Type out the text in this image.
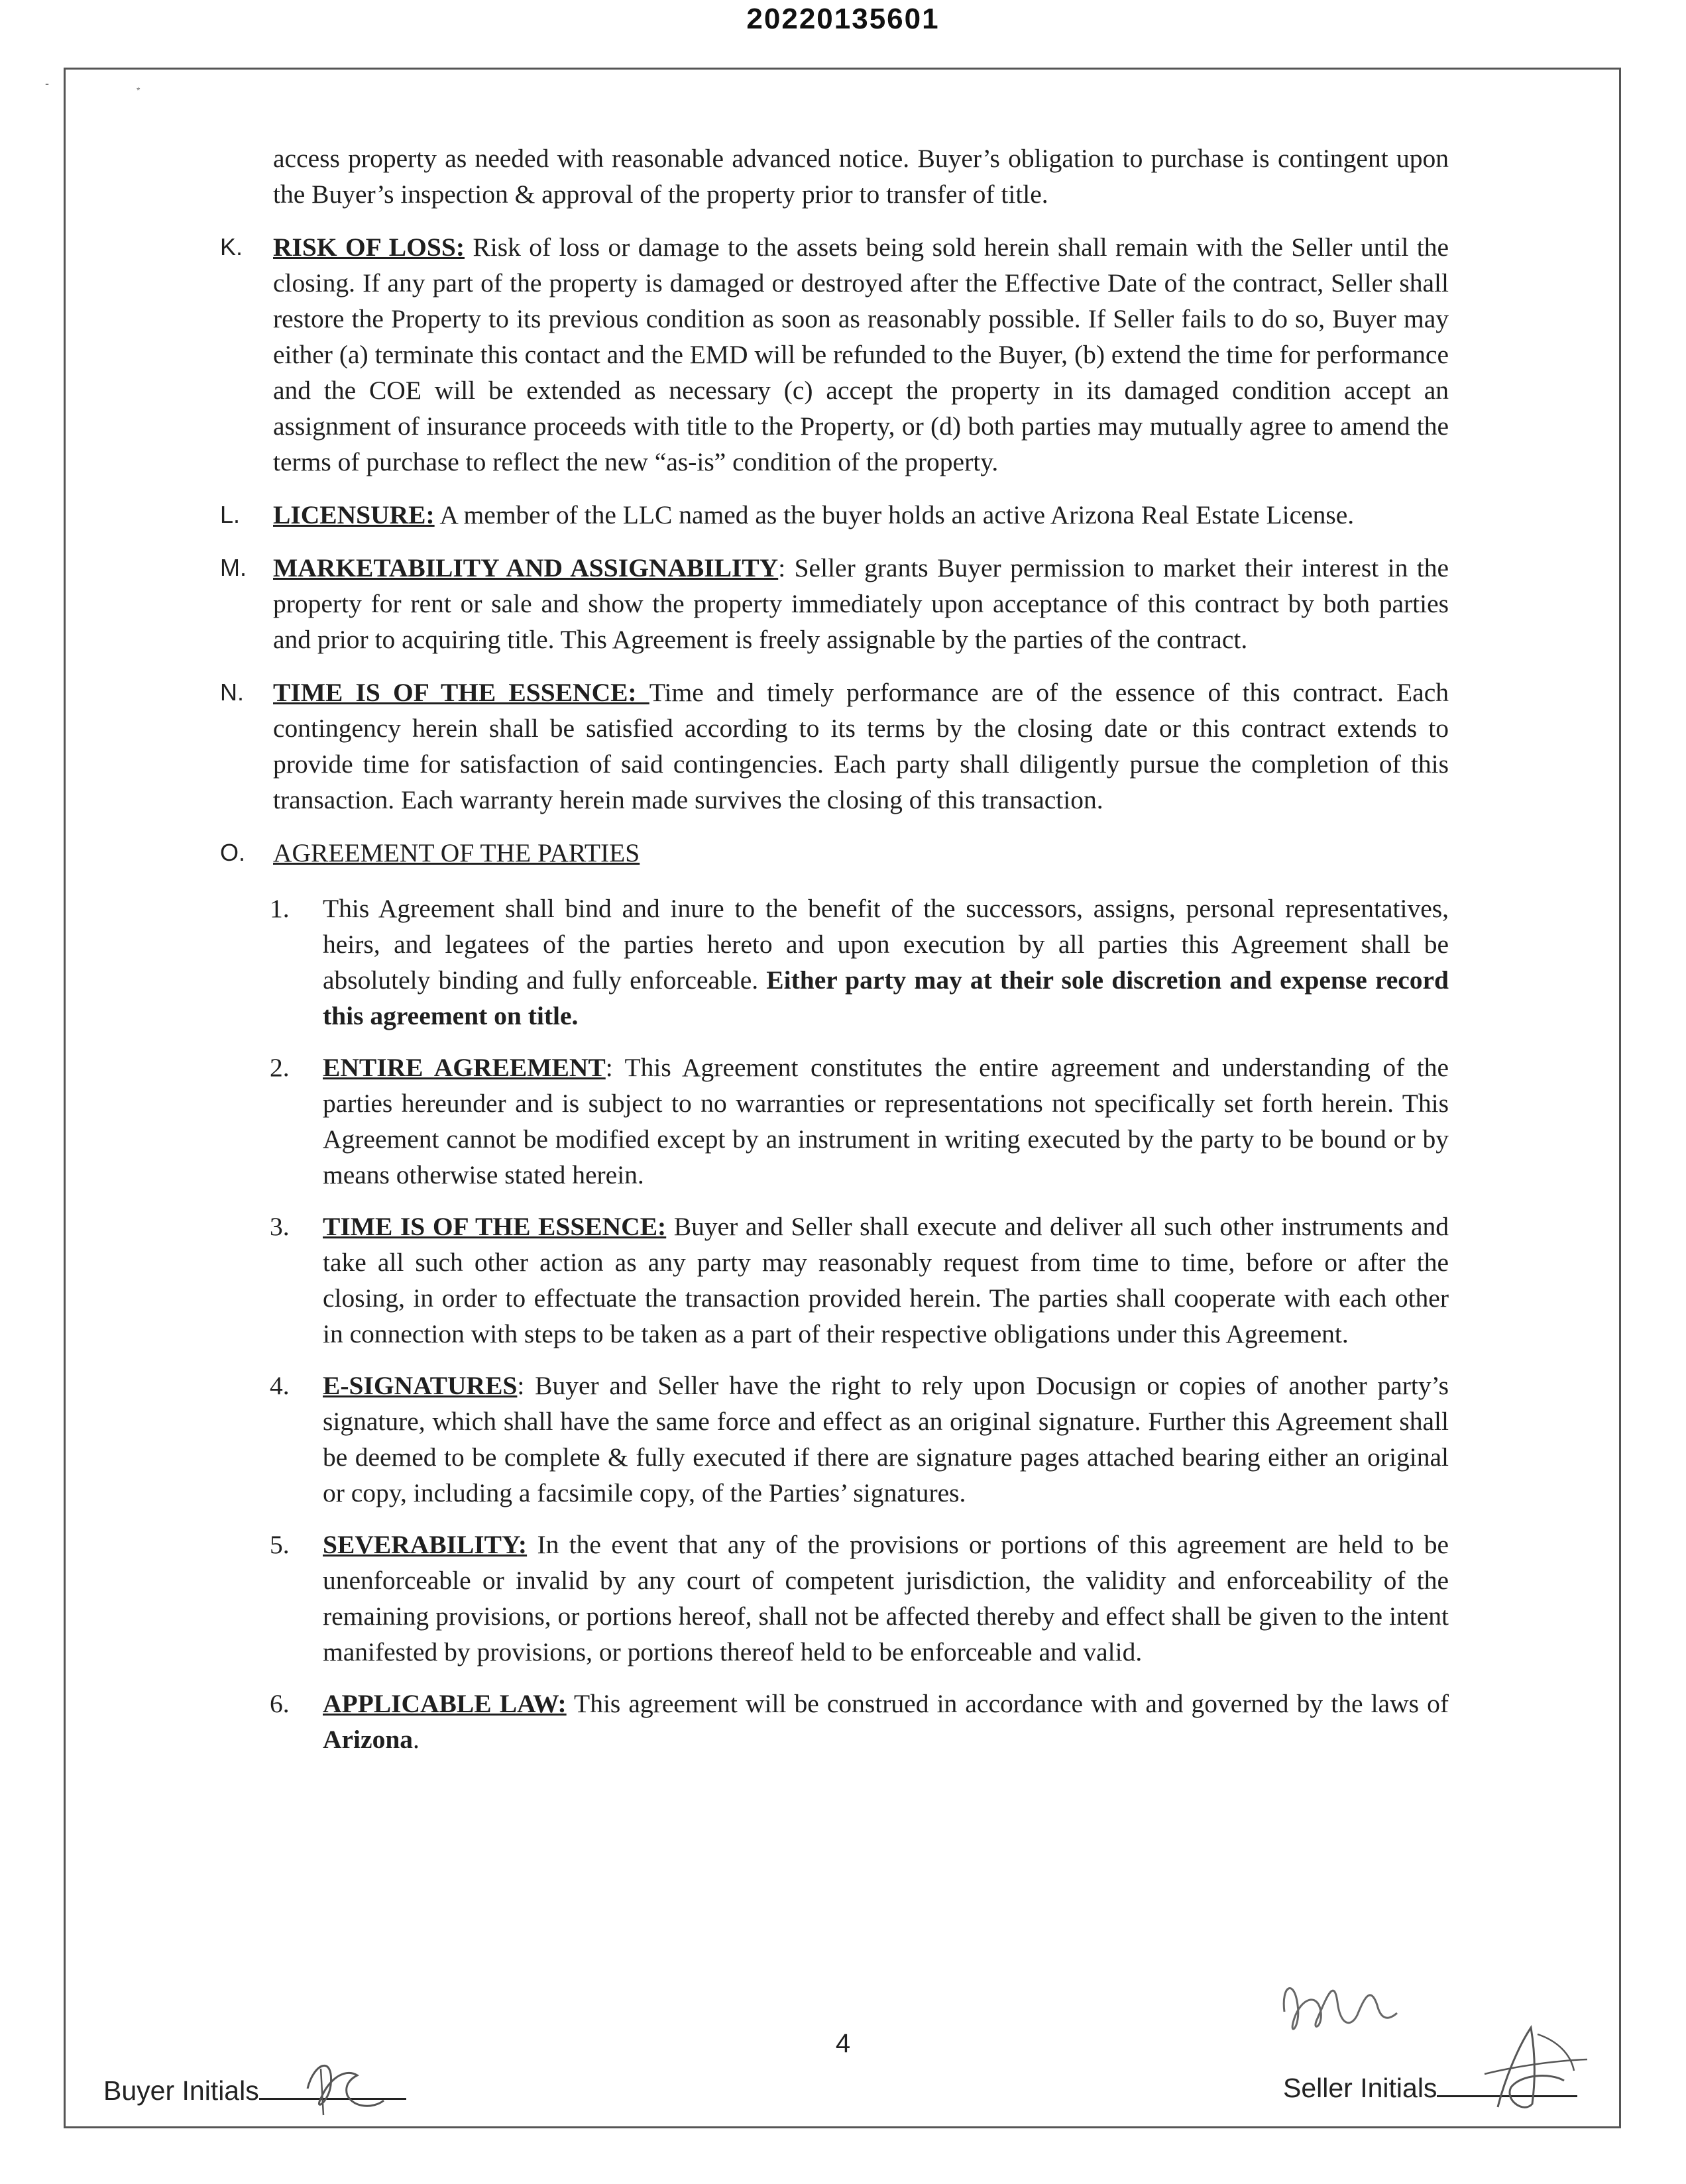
20220135601
-	*

access property as needed with reasonable advanced notice. Buyer’s obligation to purchase is contingent upon the Buyer’s inspection & approval of the property prior to transfer of title.

K. RISK OF LOSS: Risk of loss or damage to the assets being sold herein shall remain with the Seller until the closing. If any part of the property is damaged or destroyed after the Effective Date of the contract, Seller shall restore the Property to its previous condition as soon as reasonably possible. If Seller fails to do so, Buyer may either (a) terminate this contact and the EMD will be refunded to the Buyer, (b) extend the time for performance and the COE will be extended as necessary (c) accept the property in its damaged condition accept an assignment of insurance proceeds with title to the Property, or (d) both parties may mutually agree to amend the terms of purchase to reflect the new “as-is” condition of the property.

L. LICENSURE: A member of the LLC named as the buyer holds an active Arizona Real Estate License.

M. MARKETABILITY AND ASSIGNABILITY: Seller grants Buyer permission to market their interest in the property for rent or sale and show the property immediately upon acceptance of this contract by both parties and prior to acquiring title. This Agreement is freely assignable by the parties of the contract.

N. TIME IS OF THE ESSENCE: Time and timely performance are of the essence of this contract. Each contingency herein shall be satisfied according to its terms by the closing date or this contract extends to provide time for satisfaction of said contingencies. Each party shall diligently pursue the completion of this transaction. Each warranty herein made survives the closing of this transaction.

O. AGREEMENT OF THE PARTIES

1. This Agreement shall bind and inure to the benefit of the successors, assigns, personal representatives, heirs, and legatees of the parties hereto and upon execution by all parties this Agreement shall be absolutely binding and fully enforceable. Either party may at their sole discretion and expense record this agreement on title.

2. ENTIRE AGREEMENT: This Agreement constitutes the entire agreement and understanding of the parties hereunder and is subject to no warranties or representations not specifically set forth herein. This Agreement cannot be modified except by an instrument in writing executed by the party to be bound or by means otherwise stated herein.

3. TIME IS OF THE ESSENCE: Buyer and Seller shall execute and deliver all such other instruments and take all such other action as any party may reasonably request from time to time, before or after the closing, in order to effectuate the transaction provided herein. The parties shall cooperate with each other in connection with steps to be taken as a part of their respective obligations under this Agreement.

4. E-SIGNATURES: Buyer and Seller have the right to rely upon Docusign or copies of another party’s signature, which shall have the same force and effect as an original signature. Further this Agreement shall be deemed to be complete & fully executed if there are signature pages attached bearing either an original or copy, including a facsimile copy, of the Parties’ signatures.

5. SEVERABILITY: In the event that any of the provisions or portions of this agreement are held to be unenforceable or invalid by any court of competent jurisdiction, the validity and enforceability of the remaining provisions, or portions hereof, shall not be affected thereby and effect shall be given to the intent manifested by provisions, or portions thereof held to be enforceable and valid.

6. APPLICABLE LAW: This agreement will be construed in accordance with and governed by the laws of Arizona.

4
Buyer Initials	Seller Initials
